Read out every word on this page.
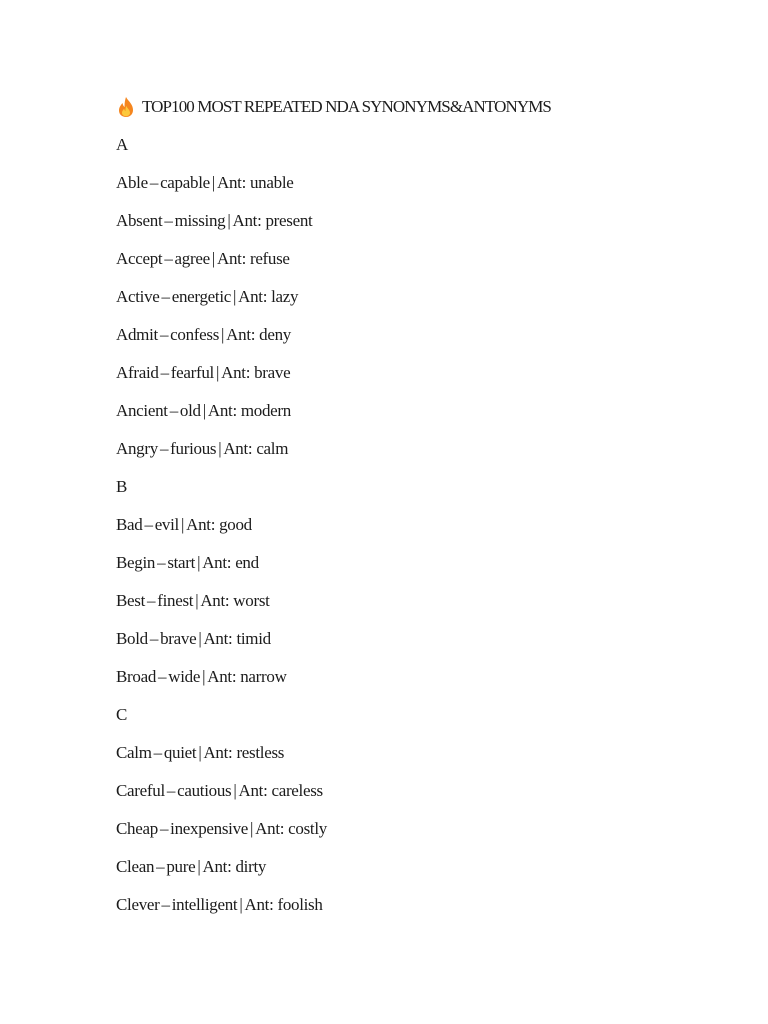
TOP100 MOST REPEATED NDA SYNONYMS&ANTONYMS
A
Able – capable | Ant: unable
Absent – missing | Ant: present
Accept – agree | Ant: refuse
Active – energetic | Ant: lazy
Admit – confess | Ant: deny
Afraid – fearful | Ant: brave
Ancient – old | Ant: modern
Angry – furious | Ant: calm
B
Bad – evil | Ant: good
Begin – start | Ant: end
Best – finest | Ant: worst
Bold – brave | Ant: timid
Broad – wide | Ant: narrow
C
Calm – quiet | Ant: restless
Careful – cautious | Ant: careless
Cheap – inexpensive | Ant: costly
Clean – pure | Ant: dirty
Clever – intelligent | Ant: foolish
